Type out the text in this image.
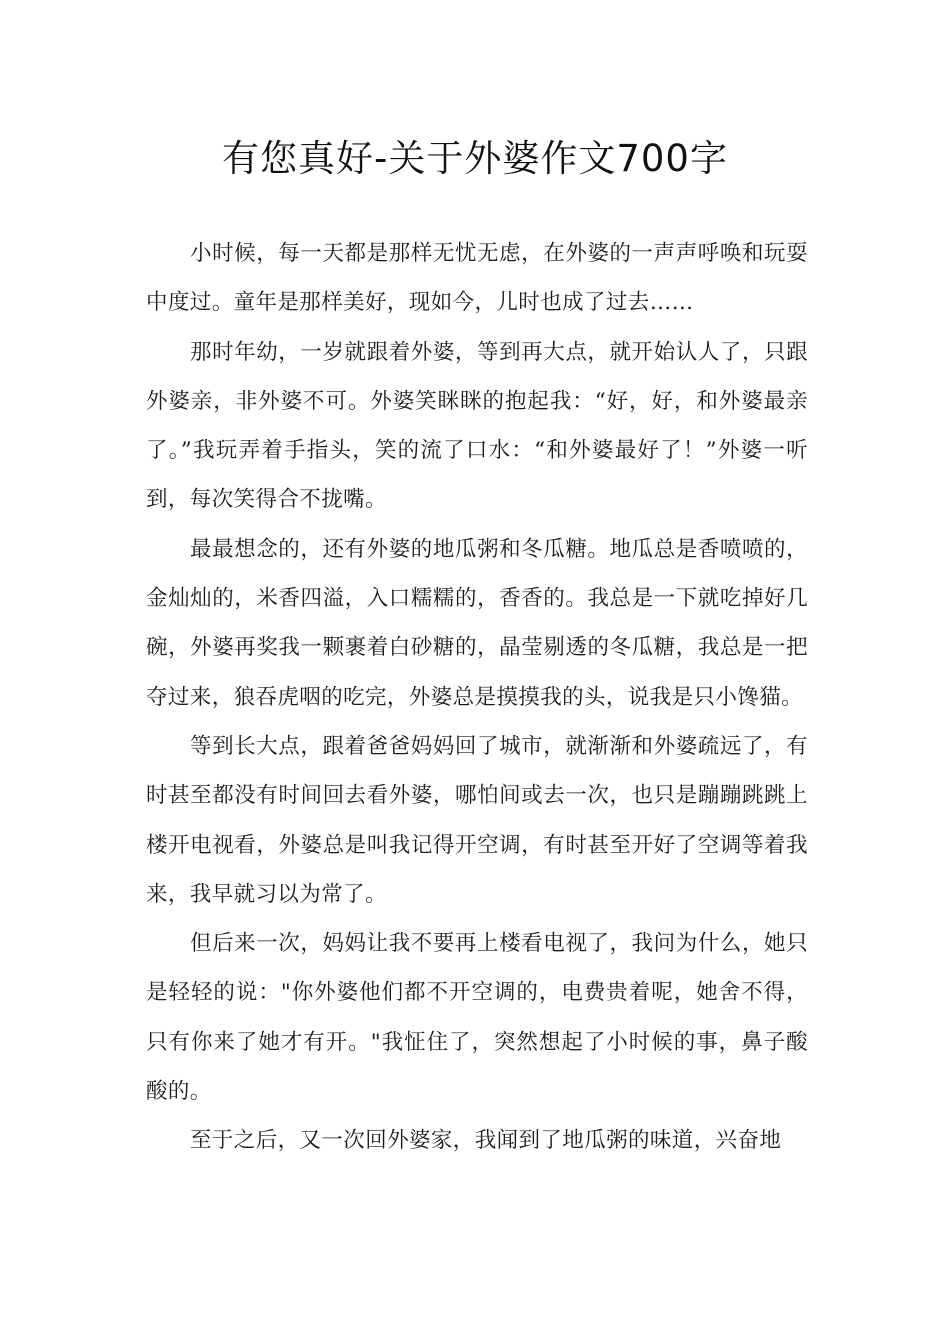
有您真好-关于外婆作文700字

小时候，每一天都是那样无忧无虑，在外婆的一声声呼唤和玩耍中度过。童年是那样美好，现如今，儿时也成了过去……

那时年幼，一岁就跟着外婆，等到再大点，就开始认人了，只跟外婆亲，非外婆不可。外婆笑眯眯的抱起我：“好，好，和外婆最亲了。”我玩弄着手指头，笑的流了口水：“和外婆最好了！”外婆一听到，每次笑得合不拢嘴。

最最想念的，还有外婆的地瓜粥和冬瓜糖。地瓜总是香喷喷的，金灿灿的，米香四溢，入口糯糯的，香香的。我总是一下就吃掉好几碗，外婆再奖我一颗裹着白砂糖的，晶莹剔透的冬瓜糖，我总是一把夺过来，狼吞虎咽的吃完，外婆总是摸摸我的头，说我是只小馋猫。

等到长大点，跟着爸爸妈妈回了城市，就渐渐和外婆疏远了，有时甚至都没有时间回去看外婆，哪怕间或去一次，也只是蹦蹦跳跳上楼开电视看，外婆总是叫我记得开空调，有时甚至开好了空调等着我来，我早就习以为常了。

但后来一次，妈妈让我不要再上楼看电视了，我问为什么，她只是轻轻的说："你外婆他们都不开空调的，电费贵着呢，她舍不得，只有你来了她才有开。"我怔住了，突然想起了小时候的事，鼻子酸酸的。

至于之后，又一次回外婆家，我闻到了地瓜粥的味道，兴奋地
